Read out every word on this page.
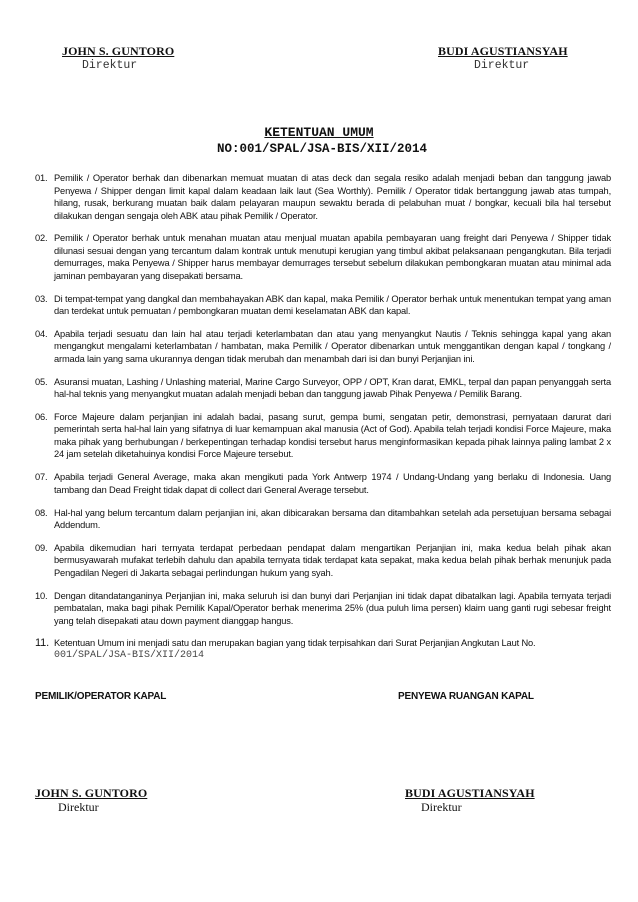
JOHN S. GUNTORO
Direktur
BUDI AGUSTIANSYAH
Direktur
KETENTUAN UMUM
NO:001/SPAL/JSA-BIS/XII/2014
01. Pemilik / Operator berhak dan dibenarkan memuat muatan di atas deck dan segala resiko adalah menjadi beban dan tanggung jawab Penyewa / Shipper dengan limit kapal dalam keadaan laik laut (Sea Worthly). Pemilik / Operator tidak bertanggung jawab atas tumpah, hilang, rusak, berkurang muatan baik dalam pelayaran maupun sewaktu berada di pelabuhan muat / bongkar, kecuali bila hal tersebut dilakukan dengan sengaja oleh ABK atau pihak Pemilik / Operator.
02. Pemilik / Operator berhak untuk menahan muatan atau menjual muatan apabila pembayaran uang freight dari Penyewa / Shipper tidak dilunasi sesuai dengan yang tercantum dalam kontrak untuk menutupi kerugian yang timbul akibat pelaksanaan pengangkutan. Bila terjadi demurrages, maka Penyewa / Shipper harus membayar demurrages tersebut sebelum dilakukan pembongkaran muatan atau minimal ada jaminan pembayaran yang disepakati bersama.
03. Di tempat-tempat yang dangkal dan membahayakan ABK dan kapal, maka Pemilik / Operator berhak untuk menentukan tempat yang aman dan terdekat untuk pemuatan / pembongkaran muatan demi keselamatan ABK dan kapal.
04. Apabila terjadi sesuatu dan lain hal atau terjadi keterlambatan dan atau yang menyangkut Nautis / Teknis sehingga kapal yang akan mengangkut mengalami keterlambatan / hambatan, maka Pemilik / Operator dibenarkan untuk menggantikan dengan kapal / tongkang / armada lain yang sama ukurannya dengan tidak merubah dan menambah dari isi dan bunyi Perjanjian ini.
05. Asuransi muatan, Lashing / Unlashing material, Marine Cargo Surveyor, OPP / OPT, Kran darat, EMKL, terpal dan papan penyanggah serta hal-hal teknis yang menyangkut muatan adalah menjadi beban dan tanggung jawab Pihak Penyewa / Pemilik Barang.
06. Force Majeure dalam perjanjian ini adalah badai, pasang surut, gempa bumi, sengatan petir, demonstrasi, pernyataan darurat dari pemerintah serta hal-hal lain yang sifatnya di luar kemampuan akal manusia (Act of God). Apabila telah terjadi kondisi Force Majeure, maka maka pihak yang berhubungan / berkepentingan terhadap kondisi tersebut harus menginformasikan kepada pihak lainnya paling lambat 2 x 24 jam setelah diketahuinya kondisi Force Majeure tersebut.
07. Apabila terjadi General Average, maka akan mengikuti pada York Antwerp 1974 / Undang-Undang yang berlaku di Indonesia. Uang tambang dan Dead Freight tidak dapat di collect dari General Average tersebut.
08. Hal-hal yang belum tercantum dalam perjanjian ini, akan dibicarakan bersama dan ditambahkan setelah ada persetujuan bersama sebagai Addendum.
09. Apabila dikemudian hari ternyata terdapat perbedaan pendapat dalam mengartikan Perjanjian ini, maka kedua belah pihak akan bermusyawarah mufakat terlebih dahulu dan apabila ternyata tidak terdapat kata sepakat, maka kedua belah pihak berhak menunjuk pada Pengadilan Negeri di Jakarta sebagai perlindungan hukum yang syah.
10. Dengan ditandatanganinya Perjanjian ini, maka seluruh isi dan bunyi dari Perjanjian ini tidak dapat dibatalkan lagi. Apabila ternyata terjadi pembatalan, maka bagi pihak Pemilik Kapal/Operator berhak menerima 25% (dua puluh lima persen) klaim uang ganti rugi sebesar freight yang telah disepakati atau down payment dianggap hangus.
11. Ketentuan Umum ini menjadi satu dan merupakan bagian yang tidak terpisahkan dari Surat Perjanjian Angkutan Laut No.
001/SPAL/JSA-BIS/XII/2014
PEMILIK/OPERATOR KAPAL	PENYEWA RUANGAN KAPAL
JOHN S. GUNTORO
Direktur
BUDI AGUSTIANSYAH
Direktur
